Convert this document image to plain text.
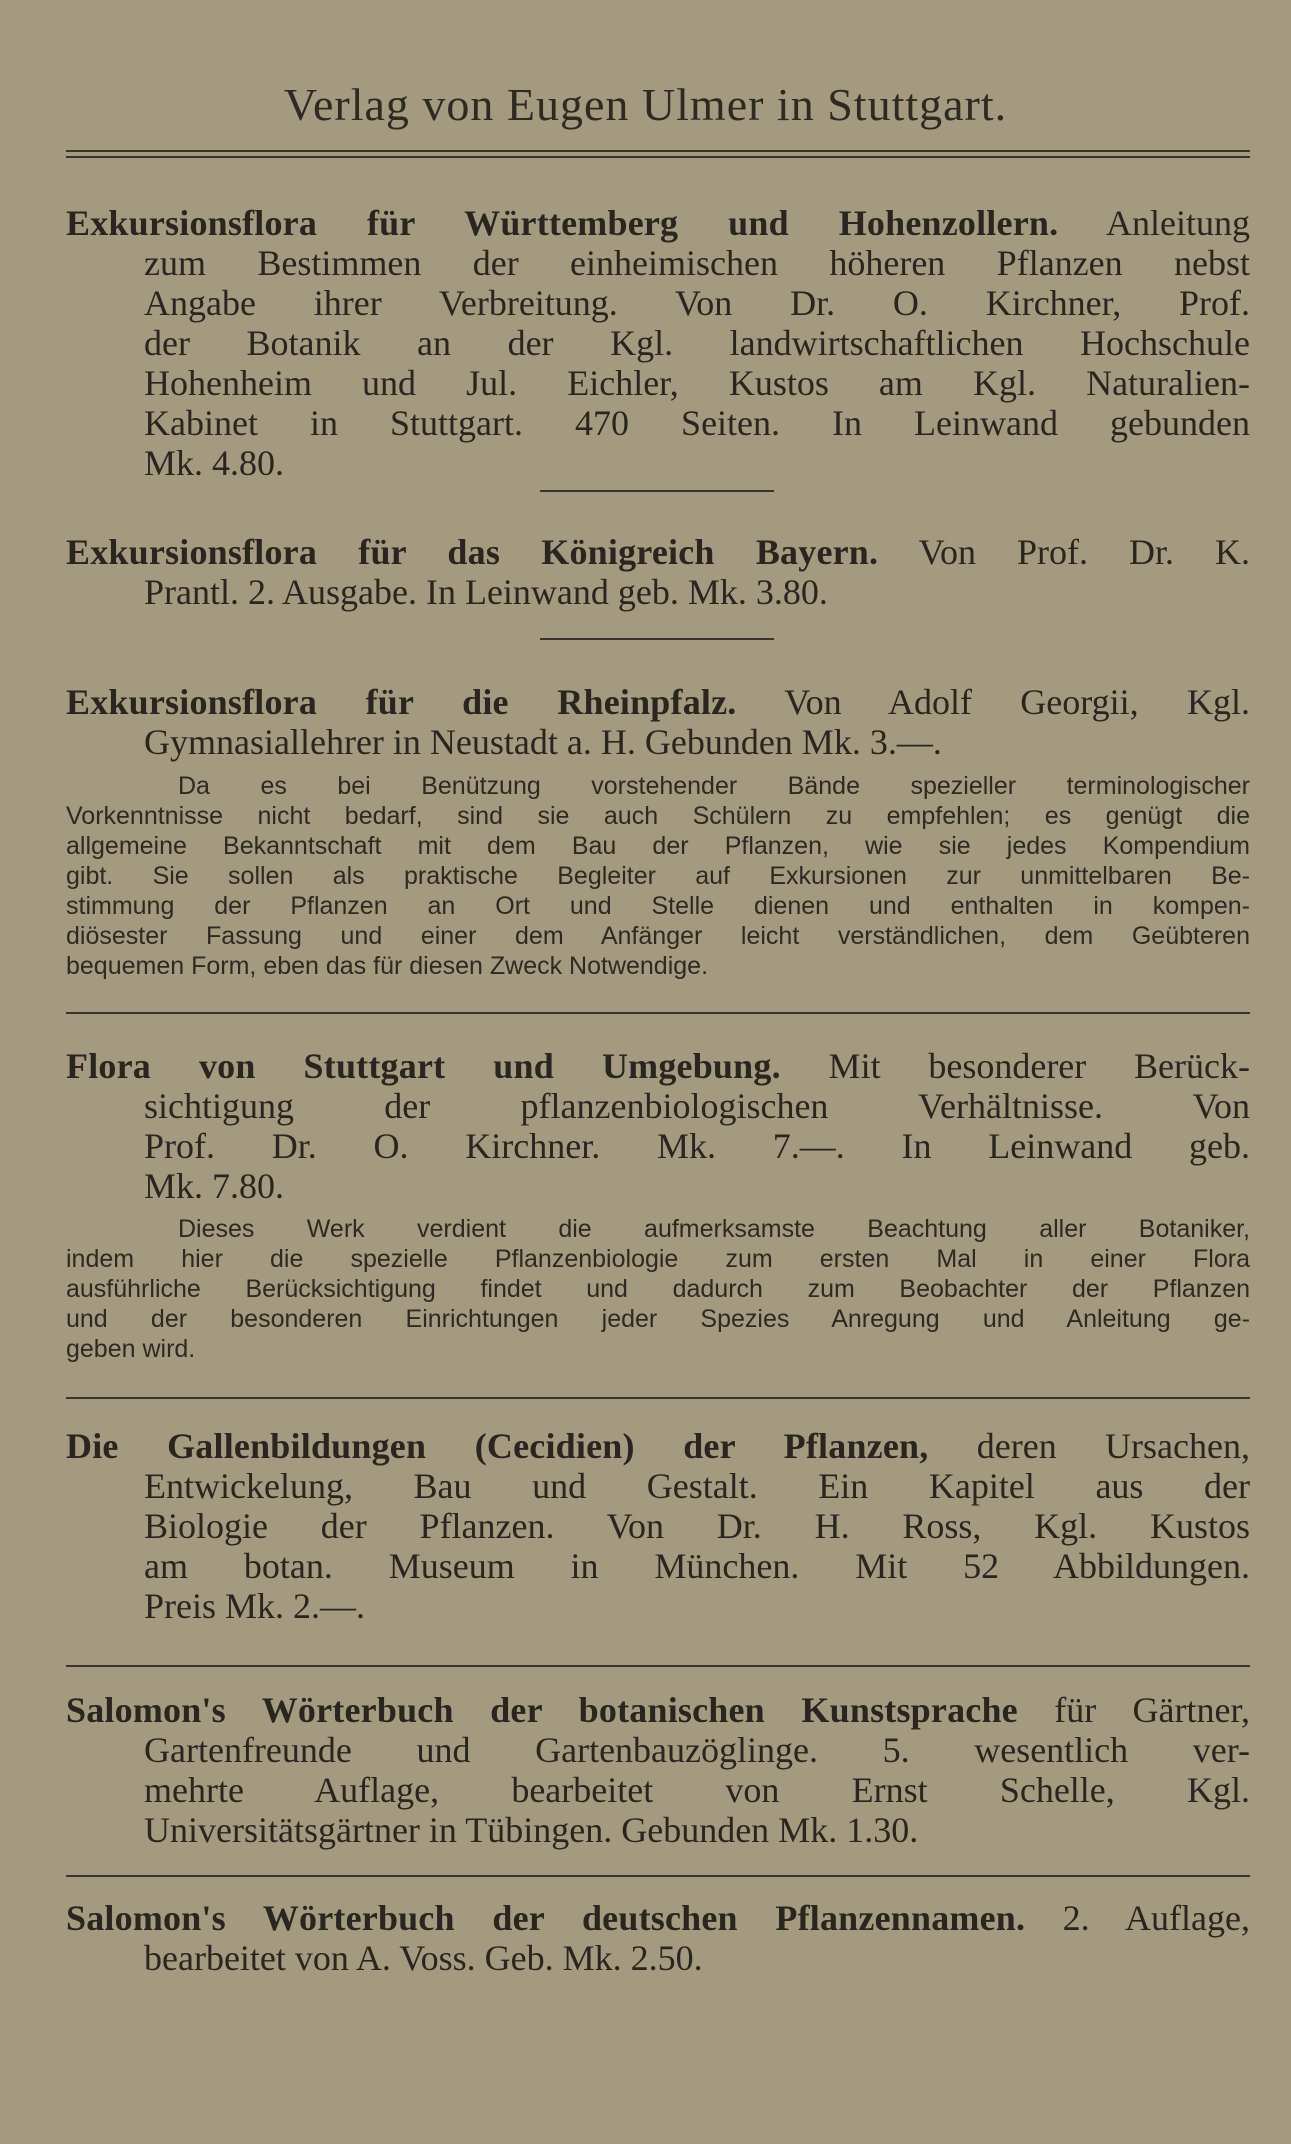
Verlag von Eugen Ulmer in Stuttgart.
Exkursionsflora für Württemberg und Hohenzollern. Anleitung
zum Bestimmen der einheimischen höheren Pflanzen nebst
Angabe ihrer Verbreitung. Von Dr. O. Kirchner, Prof.
der Botanik an der Kgl. landwirtschaftlichen Hochschule
Hohenheim und Jul. Eichler, Kustos am Kgl. Naturalien-
Kabinet in Stuttgart. 470 Seiten. In Leinwand gebunden
Mk. 4.80.
Exkursionsflora für das Königreich Bayern. Von Prof. Dr. K.
Prantl. 2. Ausgabe. In Leinwand geb. Mk. 3.80.
Exkursionsflora für die Rheinpfalz. Von Adolf Georgii, Kgl.
Gymnasiallehrer in Neustadt a. H. Gebunden Mk. 3.—.
Da es bei Benützung vorstehender Bände spezieller terminologischer
Vorkenntnisse nicht bedarf, sind sie auch Schülern zu empfehlen; es genügt die
allgemeine Bekanntschaft mit dem Bau der Pflanzen, wie sie jedes Kompendium
gibt. Sie sollen als praktische Begleiter auf Exkursionen zur unmittelbaren Be-
stimmung der Pflanzen an Ort und Stelle dienen und enthalten in kompen-
diösester Fassung und einer dem Anfänger leicht verständlichen, dem Geübteren
bequemen Form, eben das für diesen Zweck Notwendige.
Flora von Stuttgart und Umgebung. Mit besonderer Berück-
sichtigung der pflanzenbiologischen Verhältnisse. Von
Prof. Dr. O. Kirchner. Mk. 7.—. In Leinwand geb.
Mk. 7.80.
Dieses Werk verdient die aufmerksamste Beachtung aller Botaniker,
indem hier die spezielle Pflanzenbiologie zum ersten Mal in einer Flora
ausführliche Berücksichtigung findet und dadurch zum Beobachter der Pflanzen
und der besonderen Einrichtungen jeder Spezies Anregung und Anleitung ge-
geben wird.
Die Gallenbildungen (Cecidien) der Pflanzen, deren Ursachen,
Entwickelung, Bau und Gestalt. Ein Kapitel aus der
Biologie der Pflanzen. Von Dr. H. Ross, Kgl. Kustos
am botan. Museum in München. Mit 52 Abbildungen.
Preis Mk. 2.—.
Salomon's Wörterbuch der botanischen Kunstsprache für Gärtner,
Gartenfreunde und Gartenbauzöglinge. 5. wesentlich ver-
mehrte Auflage, bearbeitet von Ernst Schelle, Kgl.
Universitätsgärtner in Tübingen. Gebunden Mk. 1.30.
Salomon's Wörterbuch der deutschen Pflanzennamen. 2. Auflage,
bearbeitet von A. Voss. Geb. Mk. 2.50.
